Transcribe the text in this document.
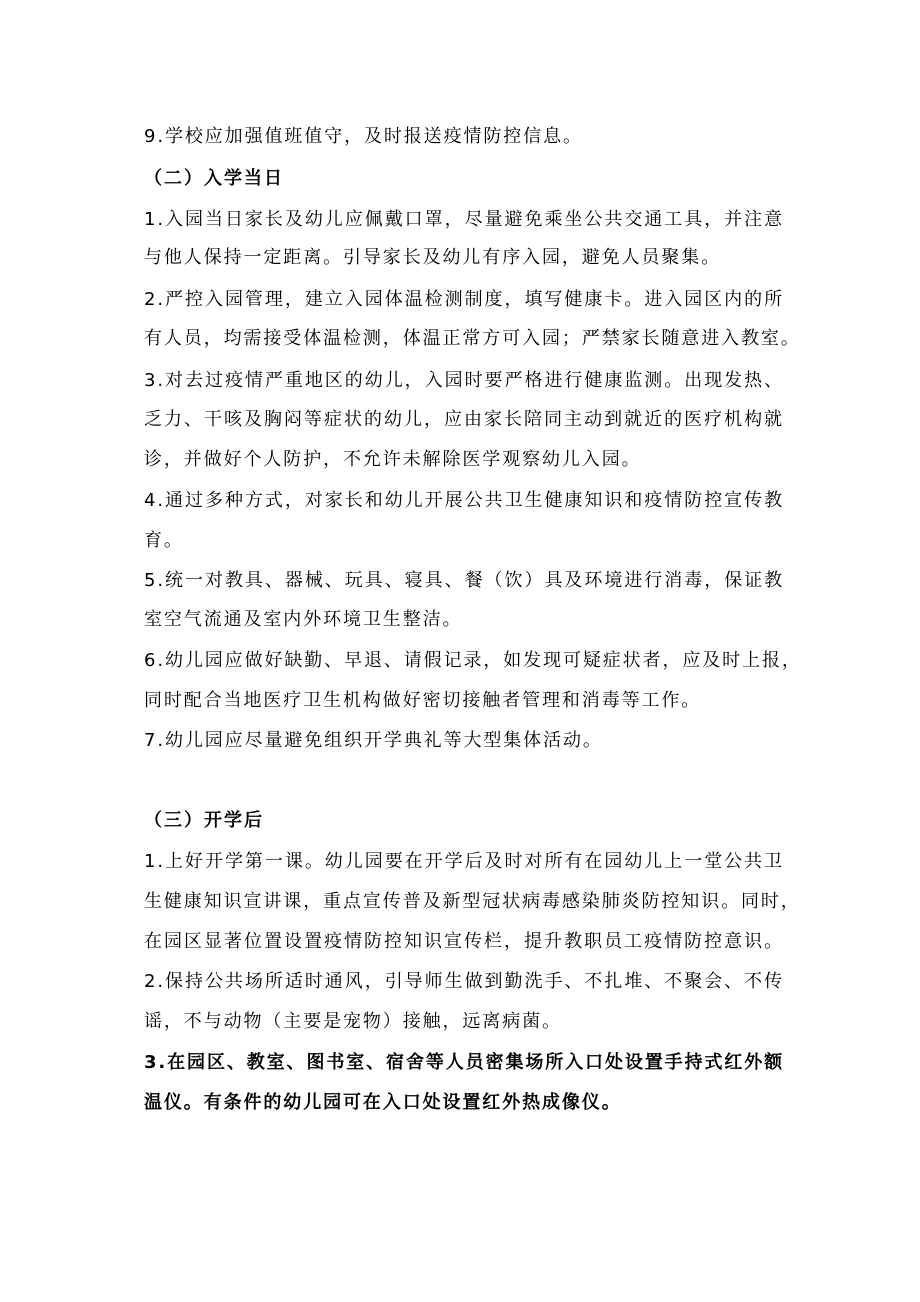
9.学校应加强值班值守，及时报送疫情防控信息。
（二）入学当日
1.入园当日家长及幼儿应佩戴口罩，尽量避免乘坐公共交通工具，并注意
与他人保持一定距离。引导家长及幼儿有序入园，避免人员聚集。
2.严控入园管理，建立入园体温检测制度，填写健康卡。进入园区内的所
有人员，均需接受体温检测，体温正常方可入园；严禁家长随意进入教室。
3.对去过疫情严重地区的幼儿，入园时要严格进行健康监测。出现发热、
乏力、干咳及胸闷等症状的幼儿，应由家长陪同主动到就近的医疗机构就
诊，并做好个人防护，不允许未解除医学观察幼儿入园。
4.通过多种方式，对家长和幼儿开展公共卫生健康知识和疫情防控宣传教
育。
5.统一对教具、器械、玩具、寝具、餐（饮）具及环境进行消毒，保证教
室空气流通及室内外环境卫生整洁。
6.幼儿园应做好缺勤、早退、请假记录，如发现可疑症状者，应及时上报，
同时配合当地医疗卫生机构做好密切接触者管理和消毒等工作。
7.幼儿园应尽量避免组织开学典礼等大型集体活动。
（三）开学后
1.上好开学第一课。幼儿园要在开学后及时对所有在园幼儿上一堂公共卫
生健康知识宣讲课，重点宣传普及新型冠状病毒感染肺炎防控知识。同时，
在园区显著位置设置疫情防控知识宣传栏，提升教职员工疫情防控意识。
2.保持公共场所适时通风，引导师生做到勤洗手、不扎堆、不聚会、不传
谣，不与动物（主要是宠物）接触，远离病菌。
3.在园区、教室、图书室、宿舍等人员密集场所入口处设置手持式红外额
温仪。有条件的幼儿园可在入口处设置红外热成像仪。
